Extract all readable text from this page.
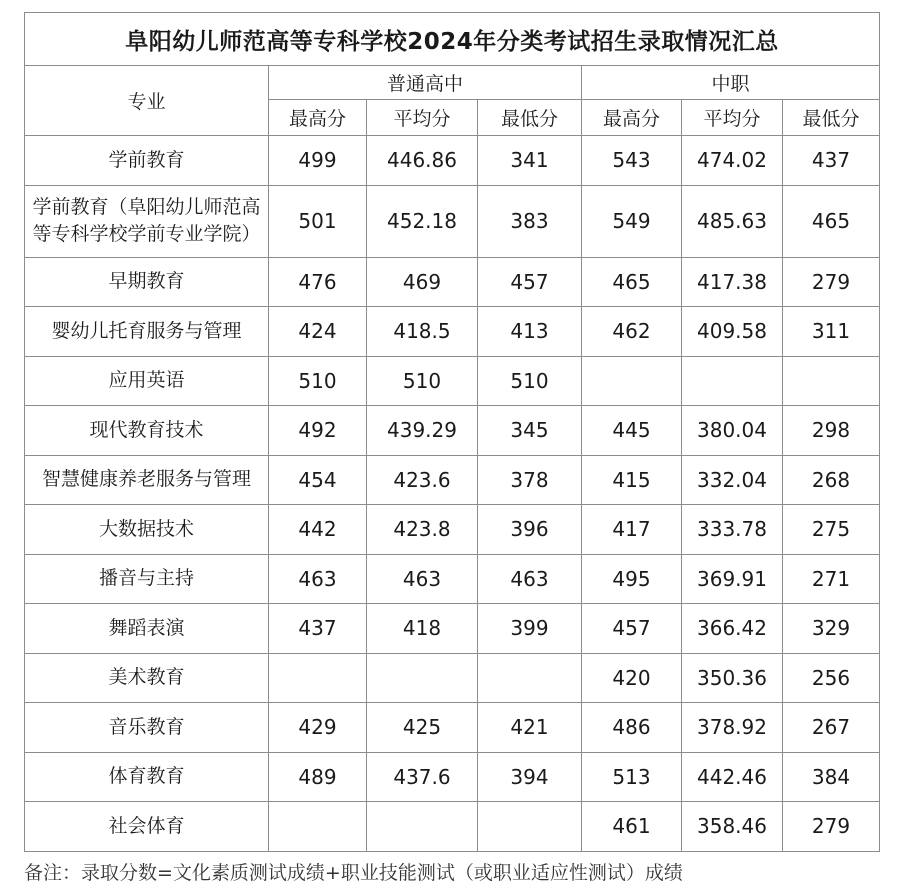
阜阳幼儿师范高等专科学校2024年分类考试招生录取情况汇总						
专业	普通高中			中职		
	最高分	平均分	最低分	最高分	平均分	最低分
学前教育	499	446.86	341	543	474.02	437
学前教育（阜阳幼儿师范高等专科学校学前专业学院）	501	452.18	383	549	485.63	465
早期教育	476	469	457	465	417.38	279
婴幼儿托育服务与管理	424	418.5	413	462	409.58	311
应用英语	510	510	510			
现代教育技术	492	439.29	345	445	380.04	298
智慧健康养老服务与管理	454	423.6	378	415	332.04	268
大数据技术	442	423.8	396	417	333.78	275
播音与主持	463	463	463	495	369.91	271
舞蹈表演	437	418	399	457	366.42	329
美术教育				420	350.36	256
音乐教育	429	425	421	486	378.92	267
体育教育	489	437.6	394	513	442.46	384
社会体育				461	358.46	279
备注：录取分数=文化素质测试成绩+职业技能测试（或职业适应性测试）成绩
